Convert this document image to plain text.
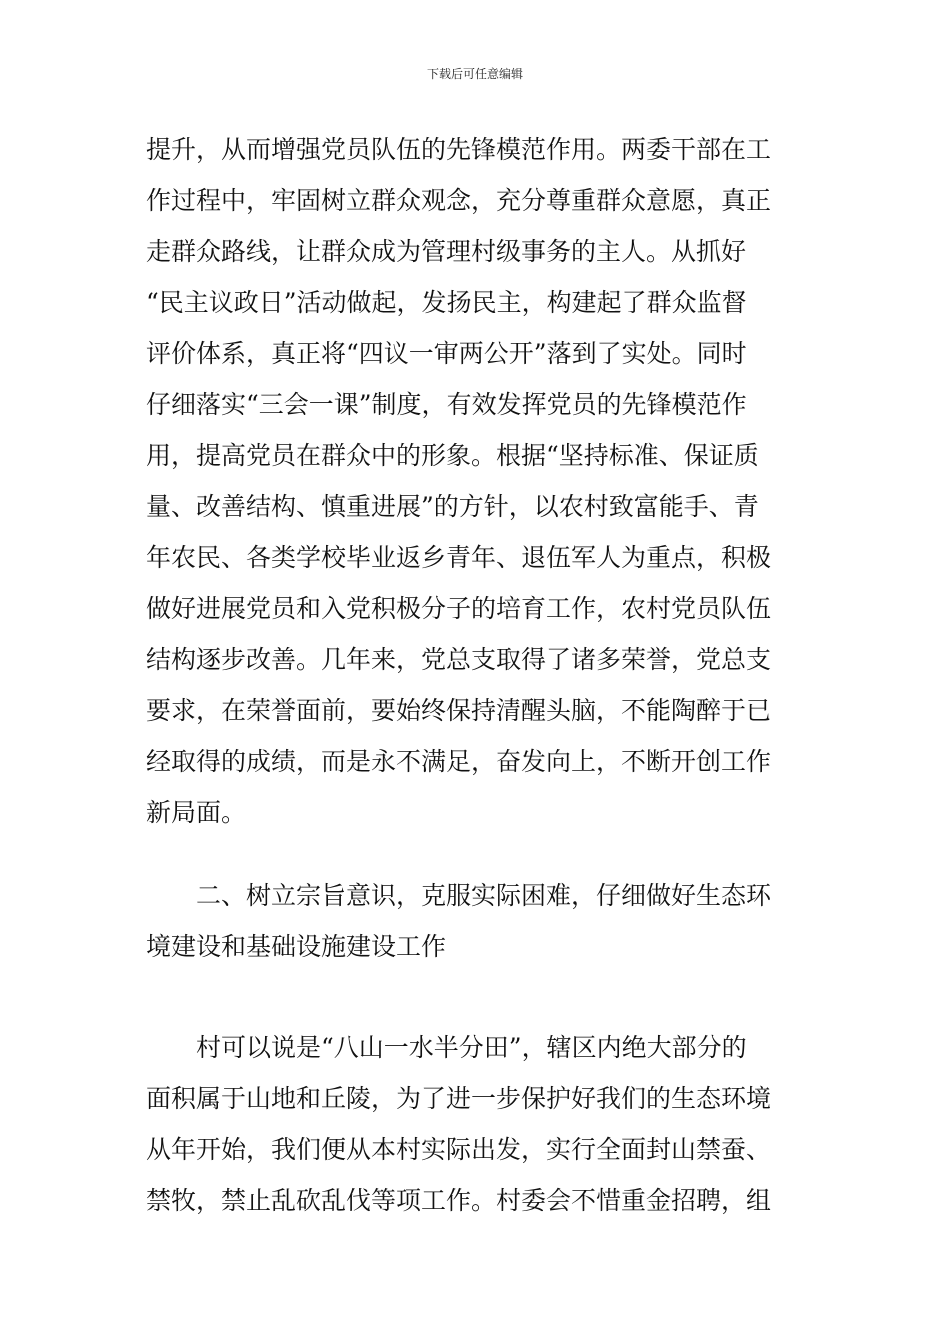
下载后可任意编辑

提升，从而增强党员队伍的先锋模范作用。两委干部在工
作过程中，牢固树立群众观念，充分尊重群众意愿，真正
走群众路线，让群众成为管理村级事务的主人。从抓好
“民主议政日”活动做起，发扬民主，构建起了群众监督
评价体系，真正将“四议一审两公开”落到了实处。同时
仔细落实“三会一课”制度，有效发挥党员的先锋模范作
用，提高党员在群众中的形象。根据“坚持标准、保证质
量、改善结构、慎重进展”的方针，以农村致富能手、青
年农民、各类学校毕业返乡青年、退伍军人为重点，积极
做好进展党员和入党积极分子的培育工作，农村党员队伍
结构逐步改善。几年来，党总支取得了诸多荣誉，党总支
要求，在荣誉面前，要始终保持清醒头脑，不能陶醉于已
经取得的成绩，而是永不满足，奋发向上，不断开创工作
新局面。

二、树立宗旨意识，克服实际困难，仔细做好生态环
境建设和基础设施建设工作

村可以说是“八山一水半分田”，辖区内绝大部分的
面积属于山地和丘陵，为了进一步保护好我们的生态环境
从年开始，我们便从本村实际出发，实行全面封山禁蚕、
禁牧，禁止乱砍乱伐等项工作。村委会不惜重金招聘，组
